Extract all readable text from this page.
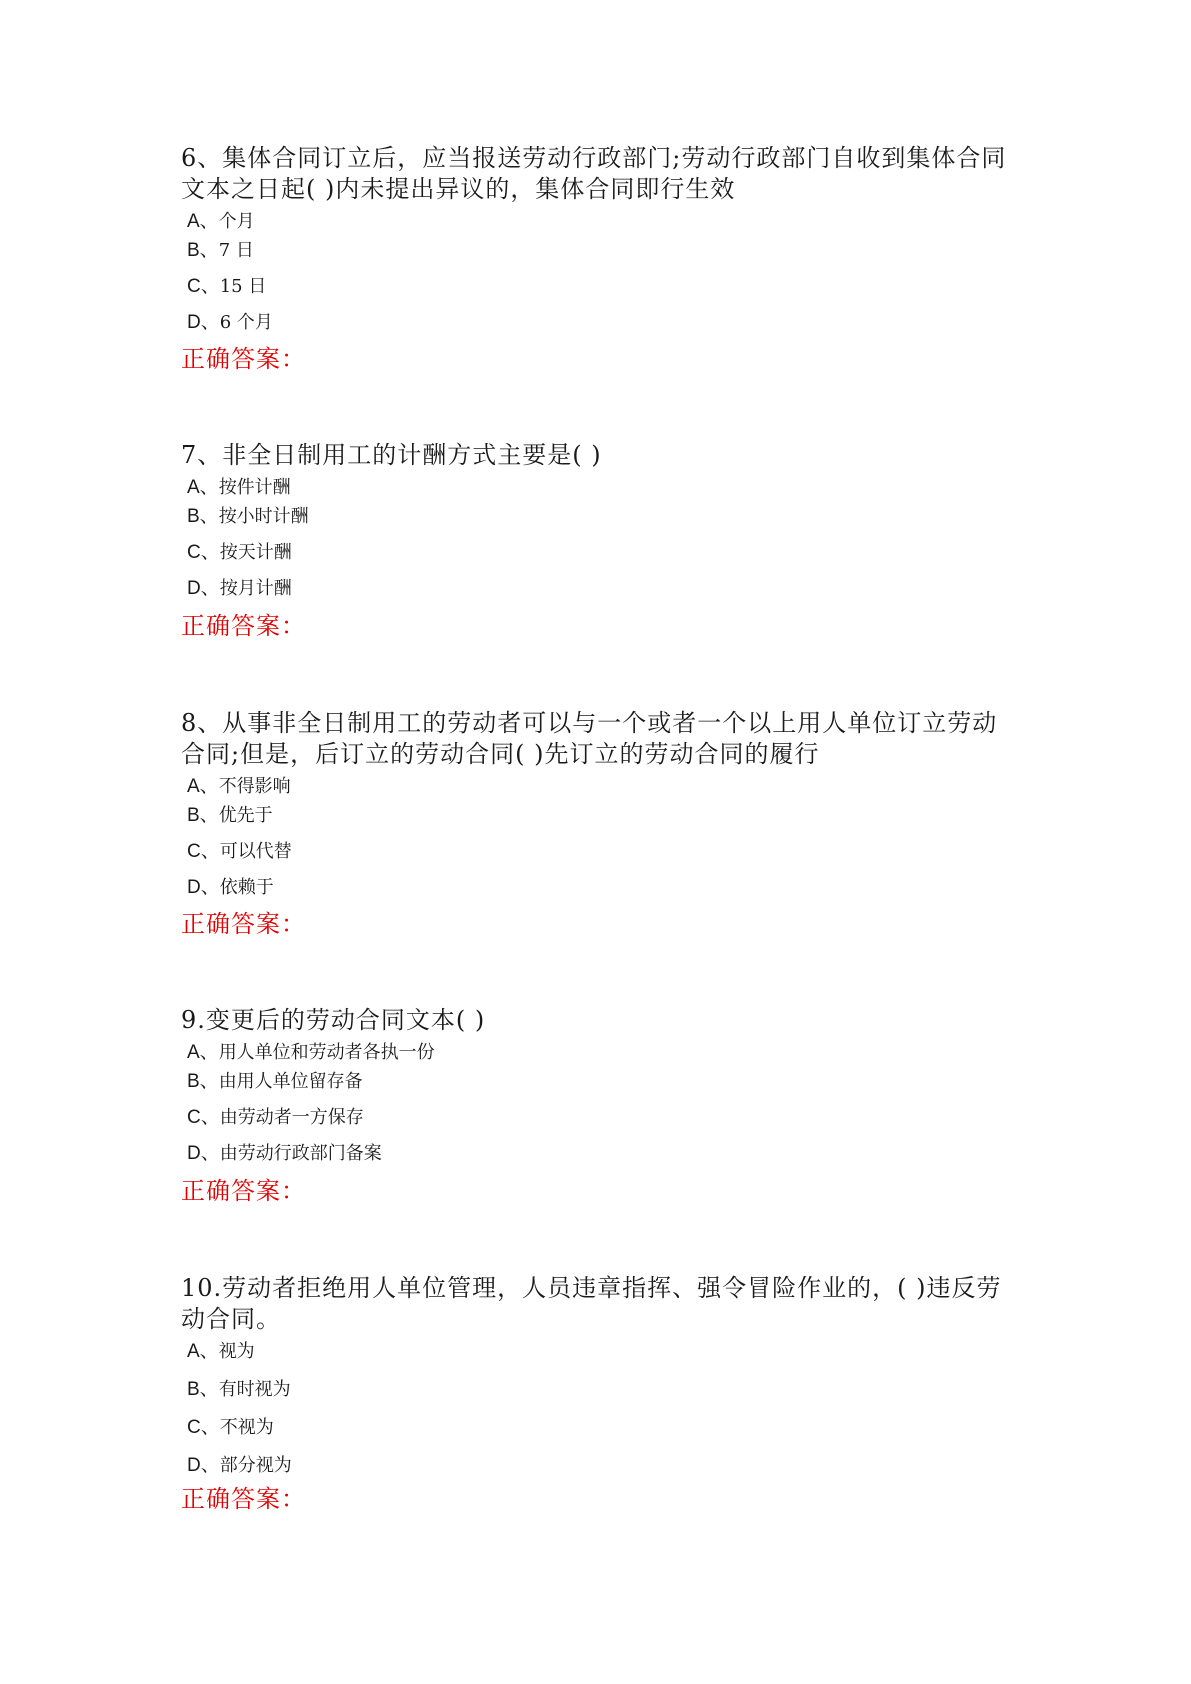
6、集体合同订立后，应当报送劳动行政部门;劳动行政部门自收到集体合同文本之日起( )内未提出异议的，集体合同即行生效

A、个月
B、7 日
C、15 日
D、6 个月
正确答案：

7、非全日制用工的计酬方式主要是( )

A、按件计酬
B、按小时计酬
C、按天计酬
D、按月计酬
正确答案：

8、从事非全日制用工的劳动者可以与一个或者一个以上用人单位订立劳动合同;但是，后订立的劳动合同( )先订立的劳动合同的履行

A、不得影响
B、优先于
C、可以代替
D、依赖于
正确答案：

9.变更后的劳动合同文本( )

A、用人单位和劳动者各执一份
B、由用人单位留存备
C、由劳动者一方保存
D、由劳动行政部门备案
正确答案：

10.劳动者拒绝用人单位管理，人员违章指挥、强令冒险作业的，( )违反劳动合同。

A、视为
B、有时视为
C、不视为
D、部分视为
正确答案：
